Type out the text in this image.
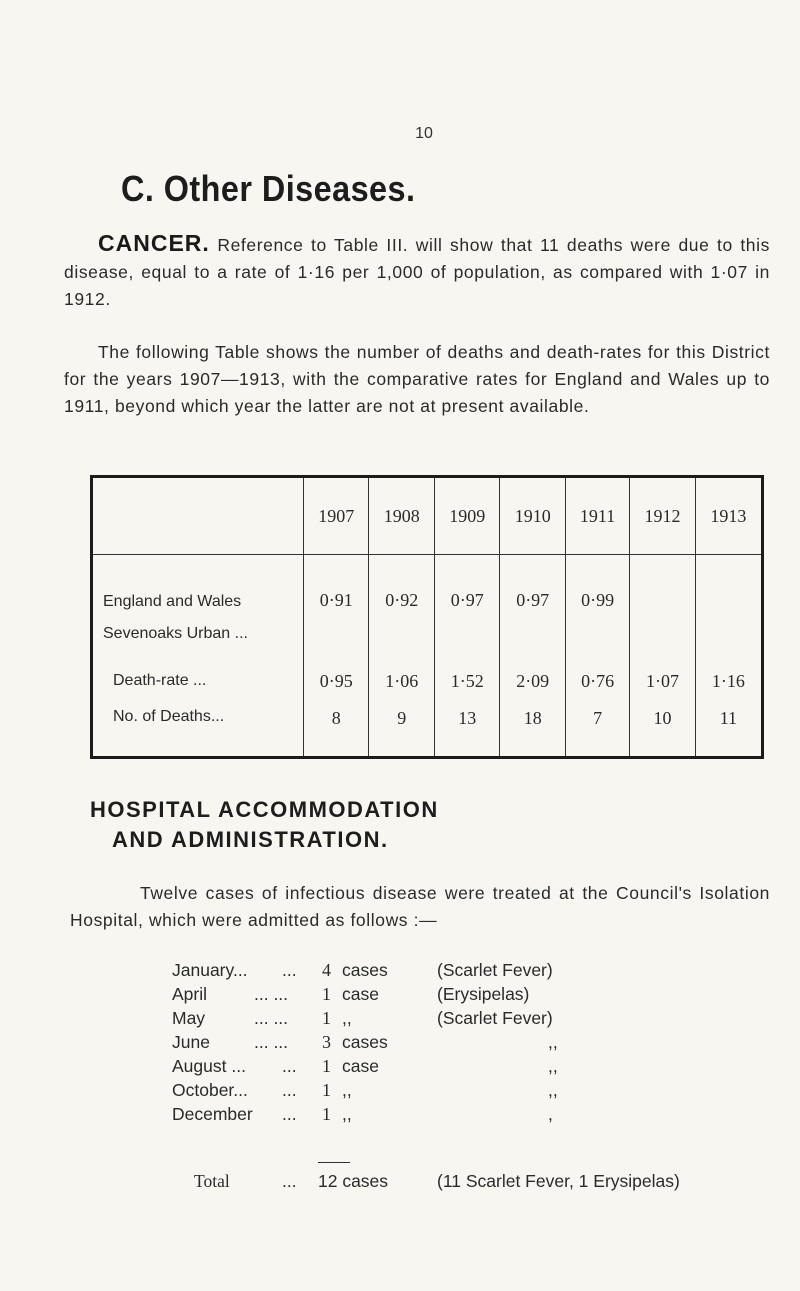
10
C. Other Diseases.
CANCER. Reference to Table III. will show that 11 deaths were due to this disease, equal to a rate of 1·16 per 1,000 of population, as compared with 1·07 in 1912.
The following Table shows the number of deaths and death-rates for this District for the years 1907—1913, with the comparative rates for England and Wales up to 1911, beyond which year the latter are not at present available.
	1907	1908	1909	1910	1911	1912	1913
England and Wales	0·91	0·92	0·97	0·97	0·99		
Sevenoaks Urban ...							
Death-rate ...	0·95	1·06	1·52	2·09	0·76	1·07	1·16
No. of Deaths...	8	9	13	18	7	10	11
HOSPITAL ACCOMMODATION
AND ADMINISTRATION.
Twelve cases of infectious disease were treated at the Council's Isolation Hospital, which were admitted as follows :—
January... ... 4 cases	(Scarlet Fever)
April	... ... 1 case	(Erysipelas)
May	... ... 1 ,,	(Scarlet Fever)
June	... ... 3 cases	,,
August ... ... 1 case	,,
October... ... 1 ,,	,,
December ... 1 ,,	,
Total	... 12 cases	(11 Scarlet Fever, 1 Erysipelas)
